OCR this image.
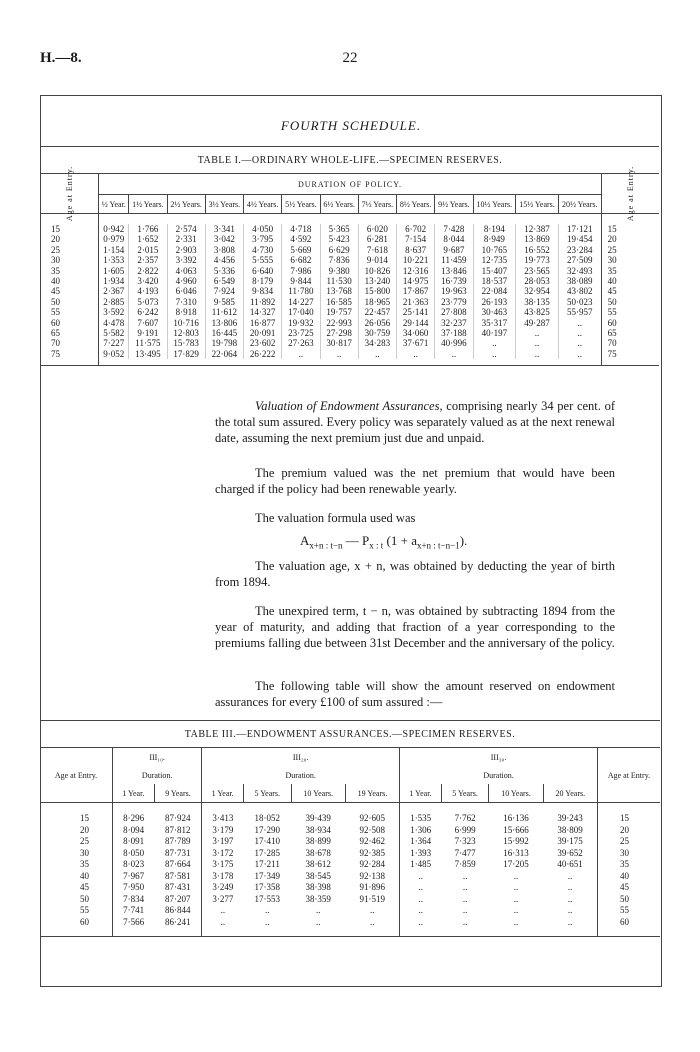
H.—8.	22
FOURTH SCHEDULE.
TABLE I.—ORDINARY WHOLE-LIFE.—SPECIMEN RESERVES.														
Age at Entry.	DURATION OF POLICY.													Age at Entry.
	½ Year.	1½ Years.	2½ Years.	3½ Years.	4½ Years.	5½ Years.	6½ Years.	7½ Years.	8½ Years.	9½ Years.	10½ Years.	15½ Years.	20½ Years.	

15	0·942	1·766	2·574	3·341	4·050	4·718	5·365	6·020	6·702	7·428	8·194	12·387	17·121	15
20	0·979	1·652	2·331	3·042	3·795	4·592	5·423	6·281	7·154	8·044	8·949	13·869	19·454	20
25	1·154	2·015	2·903	3·808	4·730	5·669	6·629	7·618	8·637	9·687	10·765	16·552	23·284	25
30	1·353	2·357	3·392	4·456	5·555	6·682	7·836	9·014	10·221	11·459	12·735	19·773	27·509	30
35	1·605	2·822	4·063	5·336	6·640	7·986	9·380	10·826	12·316	13·846	15·407	23·565	32·493	35
40	1·934	3·420	4·960	6·549	8·179	9·844	11·530	13·240	14·975	16·739	18·537	28·053	38·089	40
45	2·367	4·193	6·046	7·924	9·834	11·780	13·768	15·800	17·867	19·963	22·084	32·954	43·802	45
50	2·885	5·073	7·310	9·585	11·892	14·227	16·585	18·965	21·363	23·779	26·193	38·135	50·023	50
55	3·592	6·242	8·918	11·612	14·327	17·040	19·757	22·457	25·141	27·808	30·463	43·825	55·957	55
60	4·478	7·607	10·716	13·806	16·877	19·932	22·993	26·056	29·144	32·237	35·317	49·287	..	60
65	5·582	9·191	12·803	16·445	20·091	23·725	27·298	30·759	34·060	37·188	40·197	..	..	65
70	7·227	11·575	15·783	19·798	23·602	27·263	30·817	34·283	37·671	40·996	..	..	..	70
75	9·052	13·495	17·829	22·064	26·222	..	..	..	..	..	..	..	..	75

Valuation of Endowment Assurances, comprising nearly 34 per cent. of the total sum assured. Every policy was separately valued as at the next renewal date, assuming the next premium just due and unpaid.
The premium valued was the net premium that would have been charged if the policy had been renewable yearly.
The valuation formula used was
$A_{x+n : t-n}$ — $P_{x : t}$ $(1 + a_{x+n : t-n-1})$.
The valuation age, x + n, was obtained by deducting the year of birth from 1894.
The unexpired term, t − n, was obtained by subtracting 1894 from the year of maturity, and adding that fraction of a year corresponding to the premiums falling due between 31st December and the anniversary of the policy.
The following table will show the amount reserved on endowment assurances for every £100 of sum assured :—
TABLE III.—ENDOWMENT ASSURANCES.—SPECIMEN RESERVES.											
Age at Entry.	III₁₀.		III₂₀.				III₃₀.				Age at Entry.
	Duration.		Duration.				Duration.				
	1 Year.	9 Years.	1 Year.	5 Years.	10 Years.	19 Years.	1 Year.	5 Years.	10 Years.	20 Years.	

15	8·296	87·924	3·413	18·052	39·439	92·605	1·535	7·762	16·136	39·243	15
20	8·094	87·812	3·179	17·290	38·934	92·508	1·306	6·999	15·666	38·809	20
25	8·091	87·789	3·197	17·410	38·899	92·462	1·364	7·323	15·992	39·175	25
30	8·050	87·731	3·172	17·285	38·678	92·385	1·393	7·477	16·313	39·652	30
35	8·023	87·664	3·175	17·211	38·612	92·284	1·485	7·859	17·205	40·651	35
40	7·967	87·581	3·178	17·349	38·545	92·138	..	..	..	..	40
45	7·950	87·431	3·249	17·358	38·398	91·896	..	..	..	..	45
50	7·834	87·207	3·277	17·553	38·359	91·519	..	..	..	..	50
55	7·741	86·844	..	..	..	..	..	..	..	..	55
60	7·566	86·241	..	..	..	..	..	..	..	..	60
